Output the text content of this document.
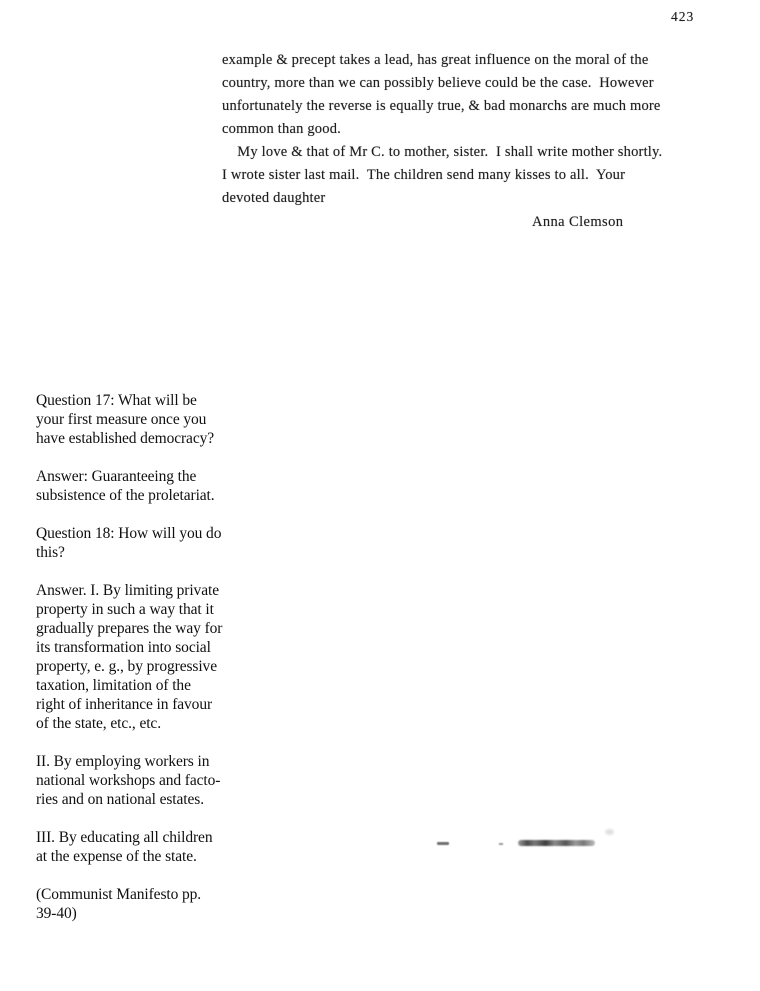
423
example & precept takes a lead, has great influence on the moral of the
country, more than we can possibly believe could be the case.  However
unfortunately the reverse is equally true, & bad monarchs are much more
common than good.
My love & that of Mr C. to mother, sister.  I shall write mother shortly.
I wrote sister last mail.  The children send many kisses to all.  Your
devoted daughter
Anna Clemson
Question 17: What will be
your first measure once you
have established democracy?

Answer: Guaranteeing the
subsistence of the proletariat.

Question 18: How will you do
this?

Answer. I. By limiting private
property in such a way that it
gradually prepares the way for
its transformation into social
property, e. g., by progressive
taxation, limitation of the
right of inheritance in favour
of the state, etc., etc.

II. By employing workers in
national workshops and facto-
ries and on national estates.

III. By educating all children
at the expense of the state.

(Communist Manifesto pp.
39-40)
